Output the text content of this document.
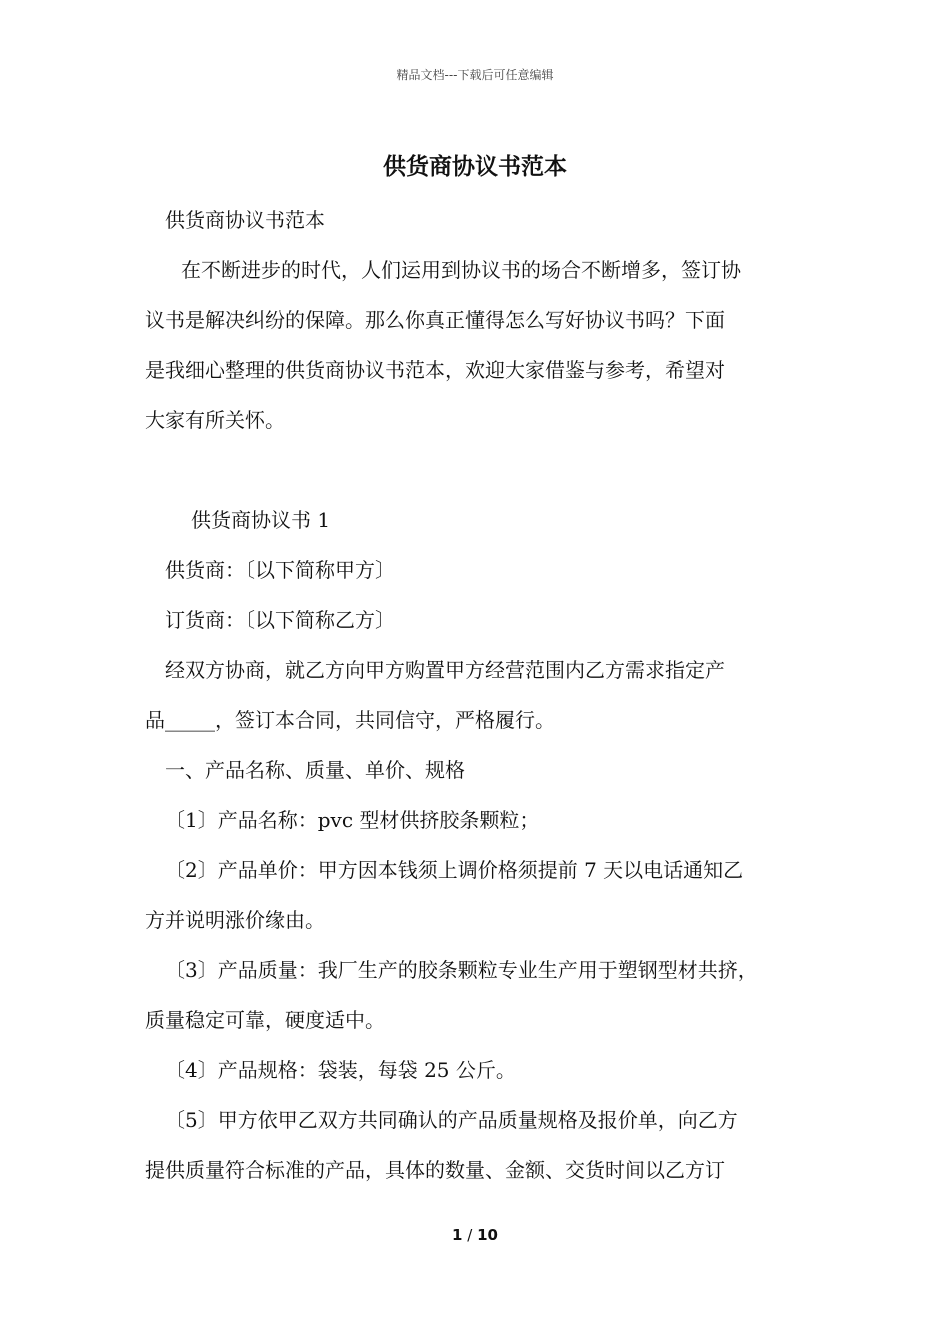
精品文档---下载后可任意编辑
供货商协议书范本

供货商协议书范本

在不断进步的时代，人们运用到协议书的场合不断增多，签订协

议书是解决纠纷的保障。那么你真正懂得怎么写好协议书吗？下面

是我细心整理的供货商协议书范本，欢迎大家借鉴与参考，希望对

大家有所关怀。

供货商协议书 1

供货商：〔以下简称甲方〕

订货商：〔以下简称乙方〕

经双方协商，就乙方向甲方购置甲方经营范围内乙方需求指定产

品_____，签订本合同，共同信守，严格履行。

一、产品名称、质量、单价、规格

〔1〕产品名称：pvc 型材供挤胶条颗粒；

〔2〕产品单价：甲方因本钱须上调价格须提前 7 天以电话通知乙

方并说明涨价缘由。

〔3〕产品质量：我厂生产的胶条颗粒专业生产用于塑钢型材共挤，

质量稳定可靠，硬度适中。

〔4〕产品规格：袋装，每袋 25 公斤。

〔5〕甲方依甲乙双方共同确认的产品质量规格及报价单，向乙方

提供质量符合标准的产品，具体的数量、金额、交货时间以乙方订

1 / 10
